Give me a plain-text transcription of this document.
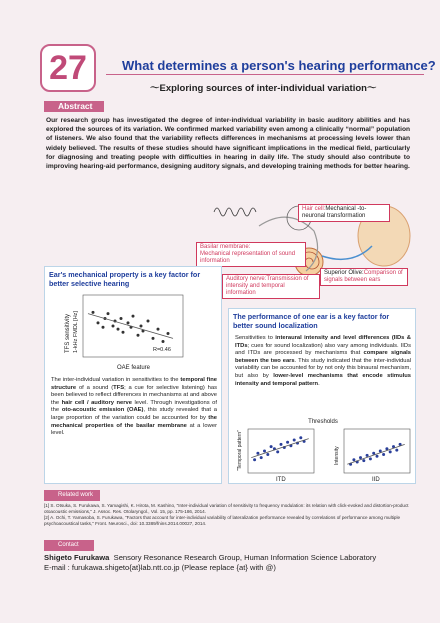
27	What determines a person's hearing performance?
〜Exploring sources of inter-individual variation〜
Abstract
Our research group has investigated the degree of inter-individual variability in basic auditory abilities and has explored the sources of its variation. We confirmed marked variability even among a clinically “normal” population of listeners. We also found that the variability reflects differences in mechanisms at processing levels lower than widely believed. The results of these studies should have significant implications in the medical field, particularly for diagnosing and treating people with difficulties in hearing in daily life. The study should also contribute to improving hearing-aid performance, designing auditory signals, and developing training methods for better hearing.
Hair cell:Mechanical -to-neuronal transformation
Basilar membrane:
Mechanical representation of sound information
Auditory nerve:Transmission of intensity and temporal information
Superior Olive:Comparison of signals between ears
Ear's mechanical property is a key factor for better selective hearing
TFS sensitivity 1-kHz FMDL [Hz]
OAE feature
R=0.46
The inter-individual variation in sensitivities to the temporal fine structure of a sound (TFS; a cue for selective listening) has been believed to reflect differences in mechanisms at and above the hair cell / auditory nerve level. Through investigations of the oto-acoustic emission (OAE), this study revealed that a large proportion of the variation could be accounted for by the mechanical properties of the basilar membrane at a lower level.
The performance of one ear is a key factor for better sound localization
Sensitivities to interaural intensity and level differences (IIDs & ITDs; cues for sound localization) also vary among individuals. IIDs and ITDs are processed by mechanisms that compare signals between the two ears. This study indicated that the inter-individual variability can be accounted for by not only this binaural mechanism, but also by lower-level mechanisms that encode stimulus intensity and temporal pattern.
Thresholds
“Temporal pattern”	Intensity
ITD	IID
Related work
[1] S. Otsuka, S. Furukawa, S. Yamagishi, K. Hirota, M. Kashino, "Inter-individual variation of sensitivity to frequency modulation: its relation with click-evoked and distortion-product otoacoustic emissions," J. Assoc. Res. Otolaryngol., Vol. 15, pp. 175-186, 2014.
[2] A. Ochi, T. Yamasoba, S. Furukawa, "Factors that account for inter-individual variability of lateralization performance revealed by correlations of performance among multiple psychoacoustical tasks," Front. Neurosci., doi: 10.3389/fnins.2014.00027, 2014.
Contact
Shigeto Furukawa Sensory Resonance Research Group, Human Information Science Laboratory
E-mail : furukawa.shigeto{at}lab.ntt.co.jp (Please replace {at} with @)
